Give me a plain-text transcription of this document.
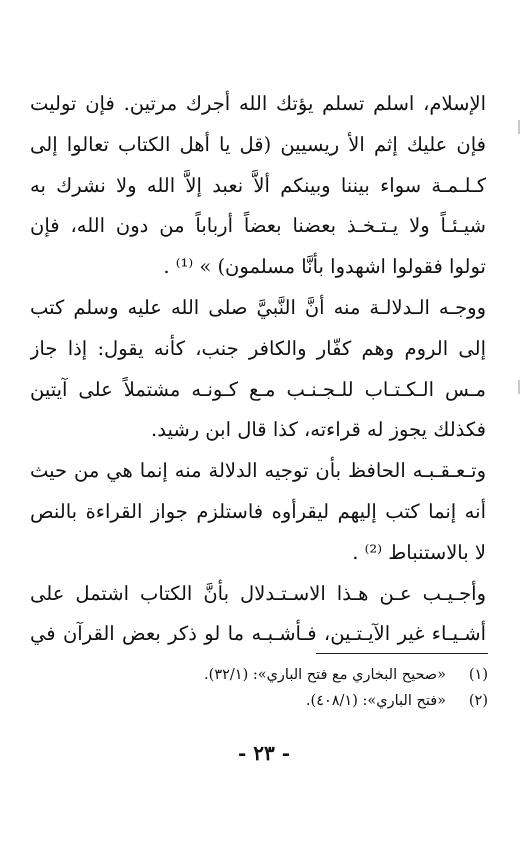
الإسلام، اسلم تسلم يؤتك الله أجرك مرتين. فإن توليت
فإن عليك إثم الأ ريسيين (قل يا أهل الكتاب تعالوا إلى
كـلـمـة سواء بيننا وبينكم ألاَّ نعبد إلاَّ الله ولا نشرك به
شيـئـاً ولا يـتـخـذ بعضنا بعضاً أرباباً من دون الله، فإن
تولوا فقولوا اشهدوا بأنَّا مسلمون) » ⁽¹⁾ .
ووجـه الـدلالـة منه أنَّ النَّبيَّ صلى الله عليه وسلم كتب
إلى الروم وهم كفّار والكافر جنب، كأنه يقول: إذا جاز
مـس الـكـتـاب للـجـنـب مـع كـونـه مشتملاً على آيتين
فكذلك يجوز له قراءته، كذا قال ابن رشيد.
وتـعـقـبـه الحافظ بأن توجيه الدلالة منه إنما هي من حيث
أنه إنما كتب إليهم ليقرأوه فاستلزم جواز القراءة بالنص
لا بالاستنباط ⁽²⁾ .
وأجـيـب عـن هـذا الاسـتـدلال بأنَّ الكتاب اشتمل على
أشـيـاء غير الآيـتـين، فـأشـبـه ما لو ذكر بعض القرآن في
(١)
«صحيح البخاري مع فتح الباري»: (٣٢/١).
(٢)
«فتح الباري»: (٤٠٨/١).
- ٢٣ -
